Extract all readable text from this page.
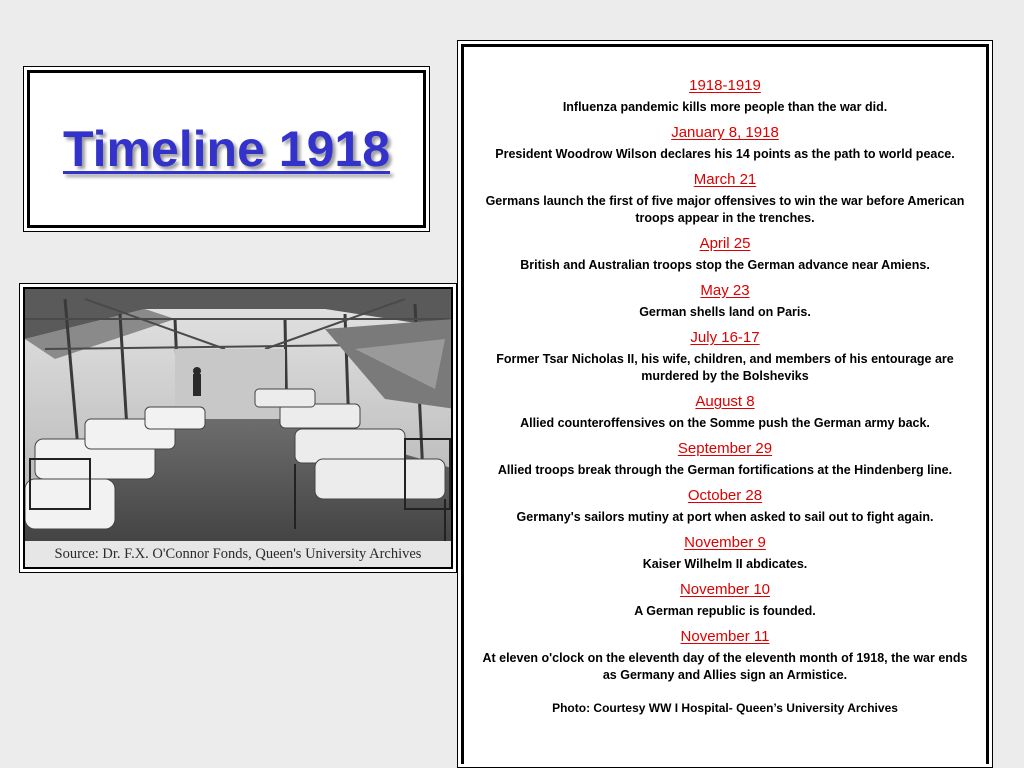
Timeline 1918
Source: Dr. F.X. O'Connor Fonds, Queen's University Archives
1918-1919
Influenza pandemic kills more people than the war did.
January 8, 1918
President Woodrow Wilson declares his 14 points as the path to world peace.
March 21
Germans launch the first of five major offensives to win the war before American troops appear in the trenches.
April 25
British and Australian troops stop the German advance near Amiens.
May 23
German shells land on Paris.
July 16-17
Former Tsar Nicholas II, his wife, children, and members of his entourage are murdered by the Bolsheviks
August 8
Allied counteroffensives on the Somme push the German army back.
September 29
Allied troops break through the German fortifications at the Hindenberg line.
October 28
Germany's sailors mutiny at port when asked to sail out to fight again.
November 9
Kaiser Wilhelm II abdicates.
November 10
A German republic is founded.
November 11
At eleven o'clock on the eleventh day of the eleventh month of 1918, the war ends as Germany and Allies sign an Armistice.
Photo: Courtesy WW I Hospital- Queen’s University Archives
